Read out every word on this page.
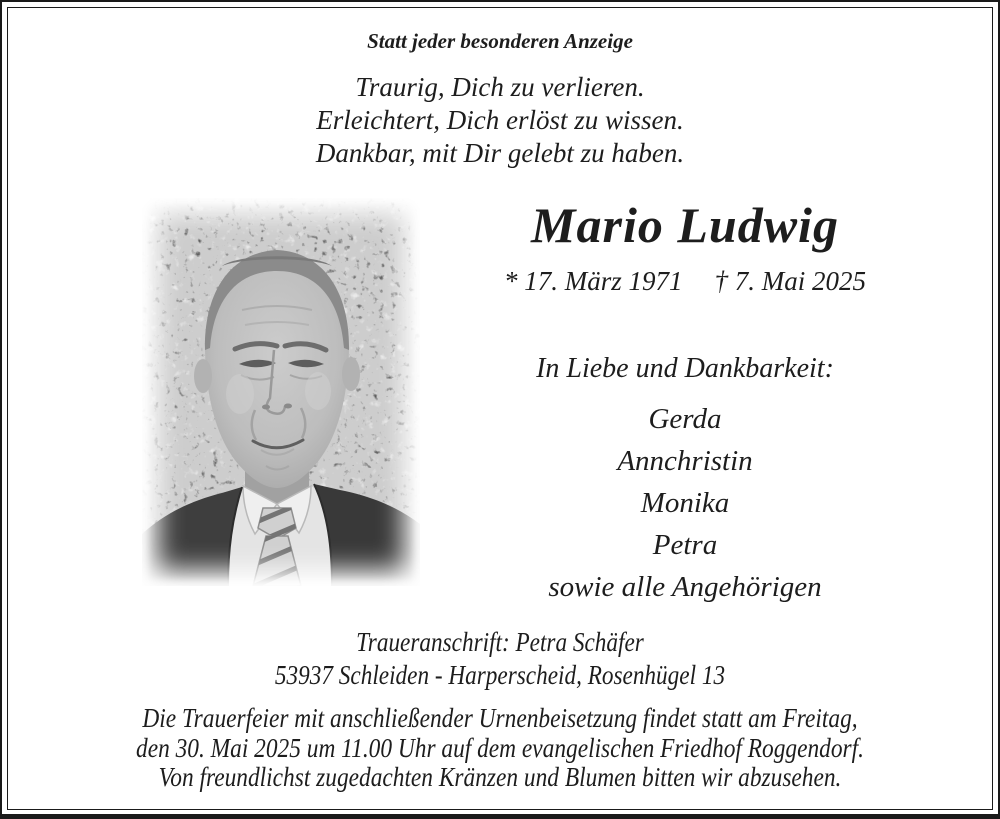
Statt jeder besonderen Anzeige
Traurig, Dich zu verlieren.
Erleichtert, Dich erlöst zu wissen.
Dankbar, mit Dir gelebt zu haben.
Mario Ludwig
* 17. März 1971 † 7. Mai 2025
In Liebe und Dankbarkeit:
Gerda
Annchristin
Monika
Petra
sowie alle Angehörigen
Traueranschrift: Petra Schäfer
53937 Schleiden - Harperscheid, Rosenhügel 13
Die Trauerfeier mit anschließender Urnenbeisetzung findet statt am Freitag,
den 30. Mai 2025 um 11.00 Uhr auf dem evangelischen Friedhof Roggendorf.
Von freundlichst zugedachten Kränzen und Blumen bitten wir abzusehen.
